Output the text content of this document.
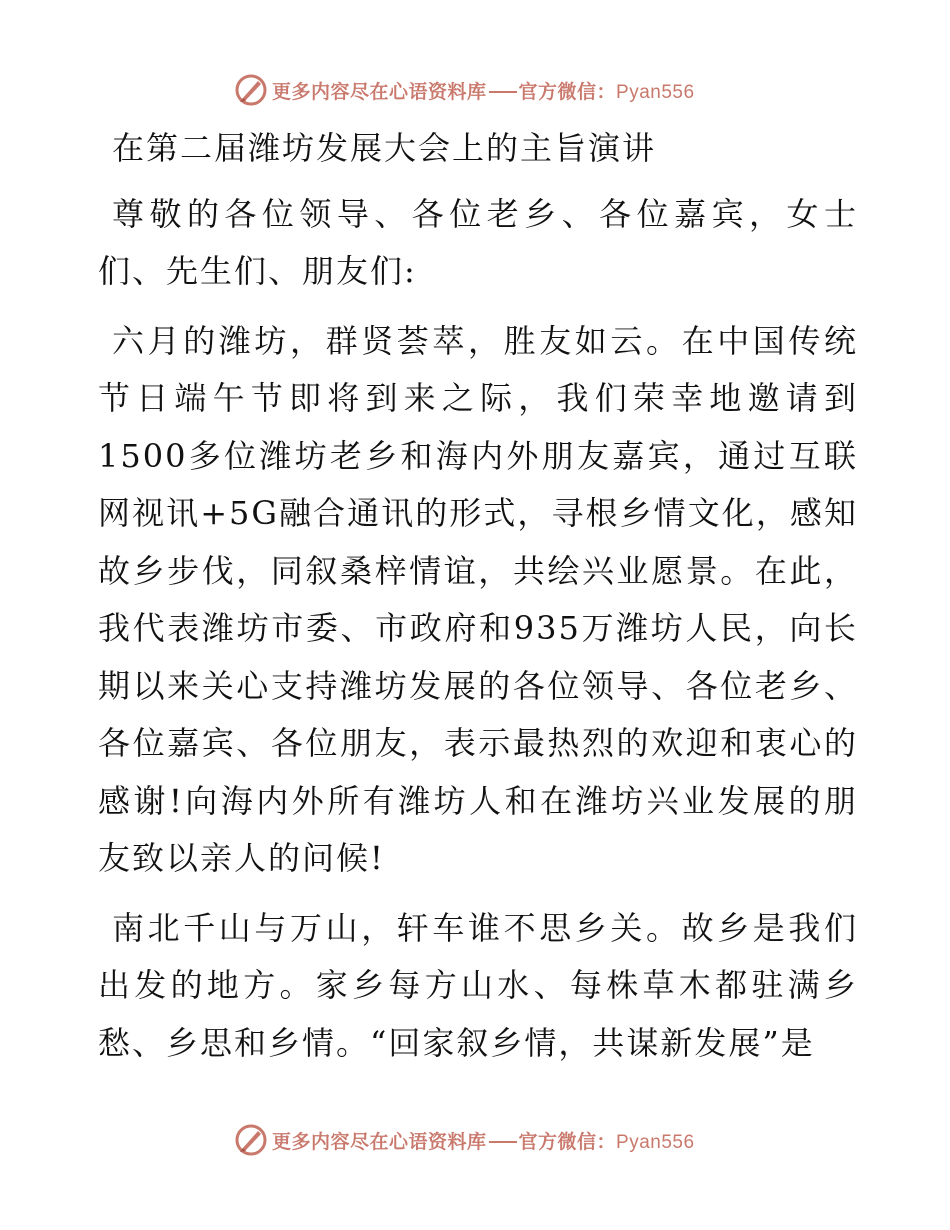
更多内容尽在心语资料库 官方微信：Pyan556

在第二届潍坊发展大会上的主旨演讲

尊敬的各位领导、各位老乡、各位嘉宾，女士们、先生们、朋友们:

六月的潍坊，群贤荟萃，胜友如云。在中国传统节日端午节即将到来之际，我们荣幸地邀请到1500多位潍坊老乡和海内外朋友嘉宾，通过互联网视讯+5G融合通讯的形式，寻根乡情文化，感知故乡步伐，同叙桑梓情谊，共绘兴业愿景。在此，我代表潍坊市委、市政府和935万潍坊人民，向长期以来关心支持潍坊发展的各位领导、各位老乡、各位嘉宾、各位朋友，表示最热烈的欢迎和衷心的感谢!向海内外所有潍坊人和在潍坊兴业发展的朋友致以亲人的问候!

南北千山与万山，轩车谁不思乡关。故乡是我们出发的地方。家乡每方山水、每株草木都驻满乡愁、乡思和乡情。“回家叙乡情，共谋新发展”是

更多内容尽在心语资料库 官方微信：Pyan556
